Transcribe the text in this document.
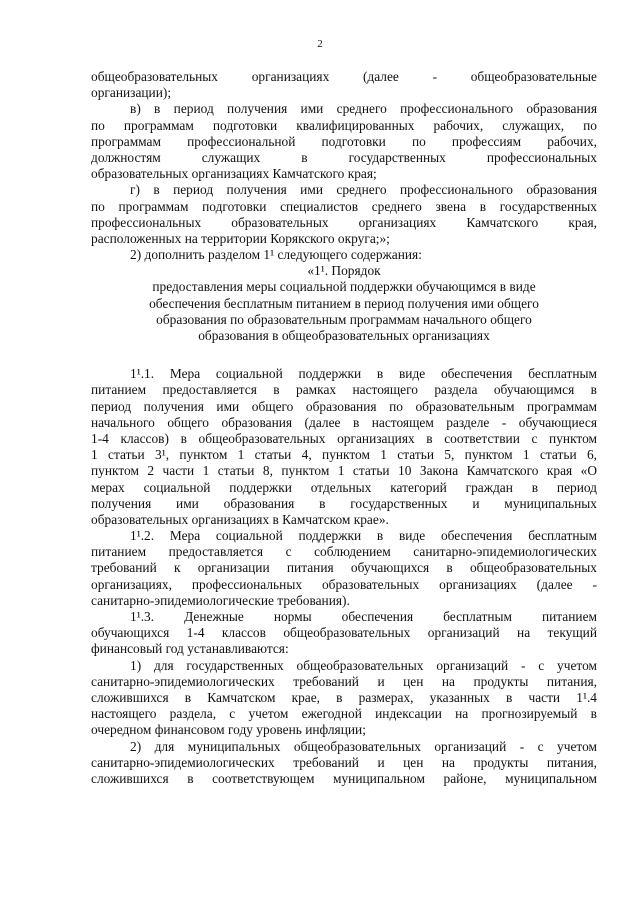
2
общеобразовательных организациях (далее - общеобразовательные
организации);
в) в период получения ими среднего профессионального образования
по программам подготовки квалифицированных рабочих, служащих, по
программам профессиональной подготовки по профессиям рабочих,
должностям служащих в государственных профессиональных
образовательных организациях Камчатского края;
г) в период получения ими среднего профессионального образования
по программам подготовки специалистов среднего звена в государственных
профессиональных образовательных организациях Камчатского края,
расположенных на территории Корякского округа;»;
2) дополнить разделом 1¹ следующего содержания:
«1¹. Порядок
предоставления меры социальной поддержки обучающимся в виде
обеспечения бесплатным питанием в период получения ими общего
образования по образовательным программам начального общего
образования в общеобразовательных организациях
1¹.1. Мера социальной поддержки в виде обеспечения бесплатным
питанием предоставляется в рамках настоящего раздела обучающимся в
период получения ими общего образования по образовательным программам
начального общего образования (далее в настоящем разделе - обучающиеся
1-4 классов) в общеобразовательных организациях в соответствии с пунктом
1 статьи 3¹, пунктом 1 статьи 4, пунктом 1 статьи 5, пунктом 1 статьи 6,
пунктом 2 части 1 статьи 8, пунктом 1 статьи 10 Закона Камчатского края «О
мерах социальной поддержки отдельных категорий граждан в период
получения ими образования в государственных и муниципальных
образовательных организациях в Камчатском крае».
1¹.2. Мера социальной поддержки в виде обеспечения бесплатным
питанием предоставляется с соблюдением санитарно-эпидемиологических
требований к организации питания обучающихся в общеобразовательных
организациях, профессиональных образовательных организациях (далее -
санитарно-эпидемиологические требования).
1¹.3. Денежные нормы обеспечения бесплатным питанием
обучающихся 1-4 классов общеобразовательных организаций на текущий
финансовый год устанавливаются:
1) для государственных общеобразовательных организаций - с учетом
санитарно-эпидемиологических требований и цен на продукты питания,
сложившихся в Камчатском крае, в размерах, указанных в части 1¹.4
настоящего раздела, с учетом ежегодной индексации на прогнозируемый в
очередном финансовом году уровень инфляции;
2) для муниципальных общеобразовательных организаций - с учетом
санитарно-эпидемиологических требований и цен на продукты питания,
сложившихся в соответствующем муниципальном районе, муниципальном
